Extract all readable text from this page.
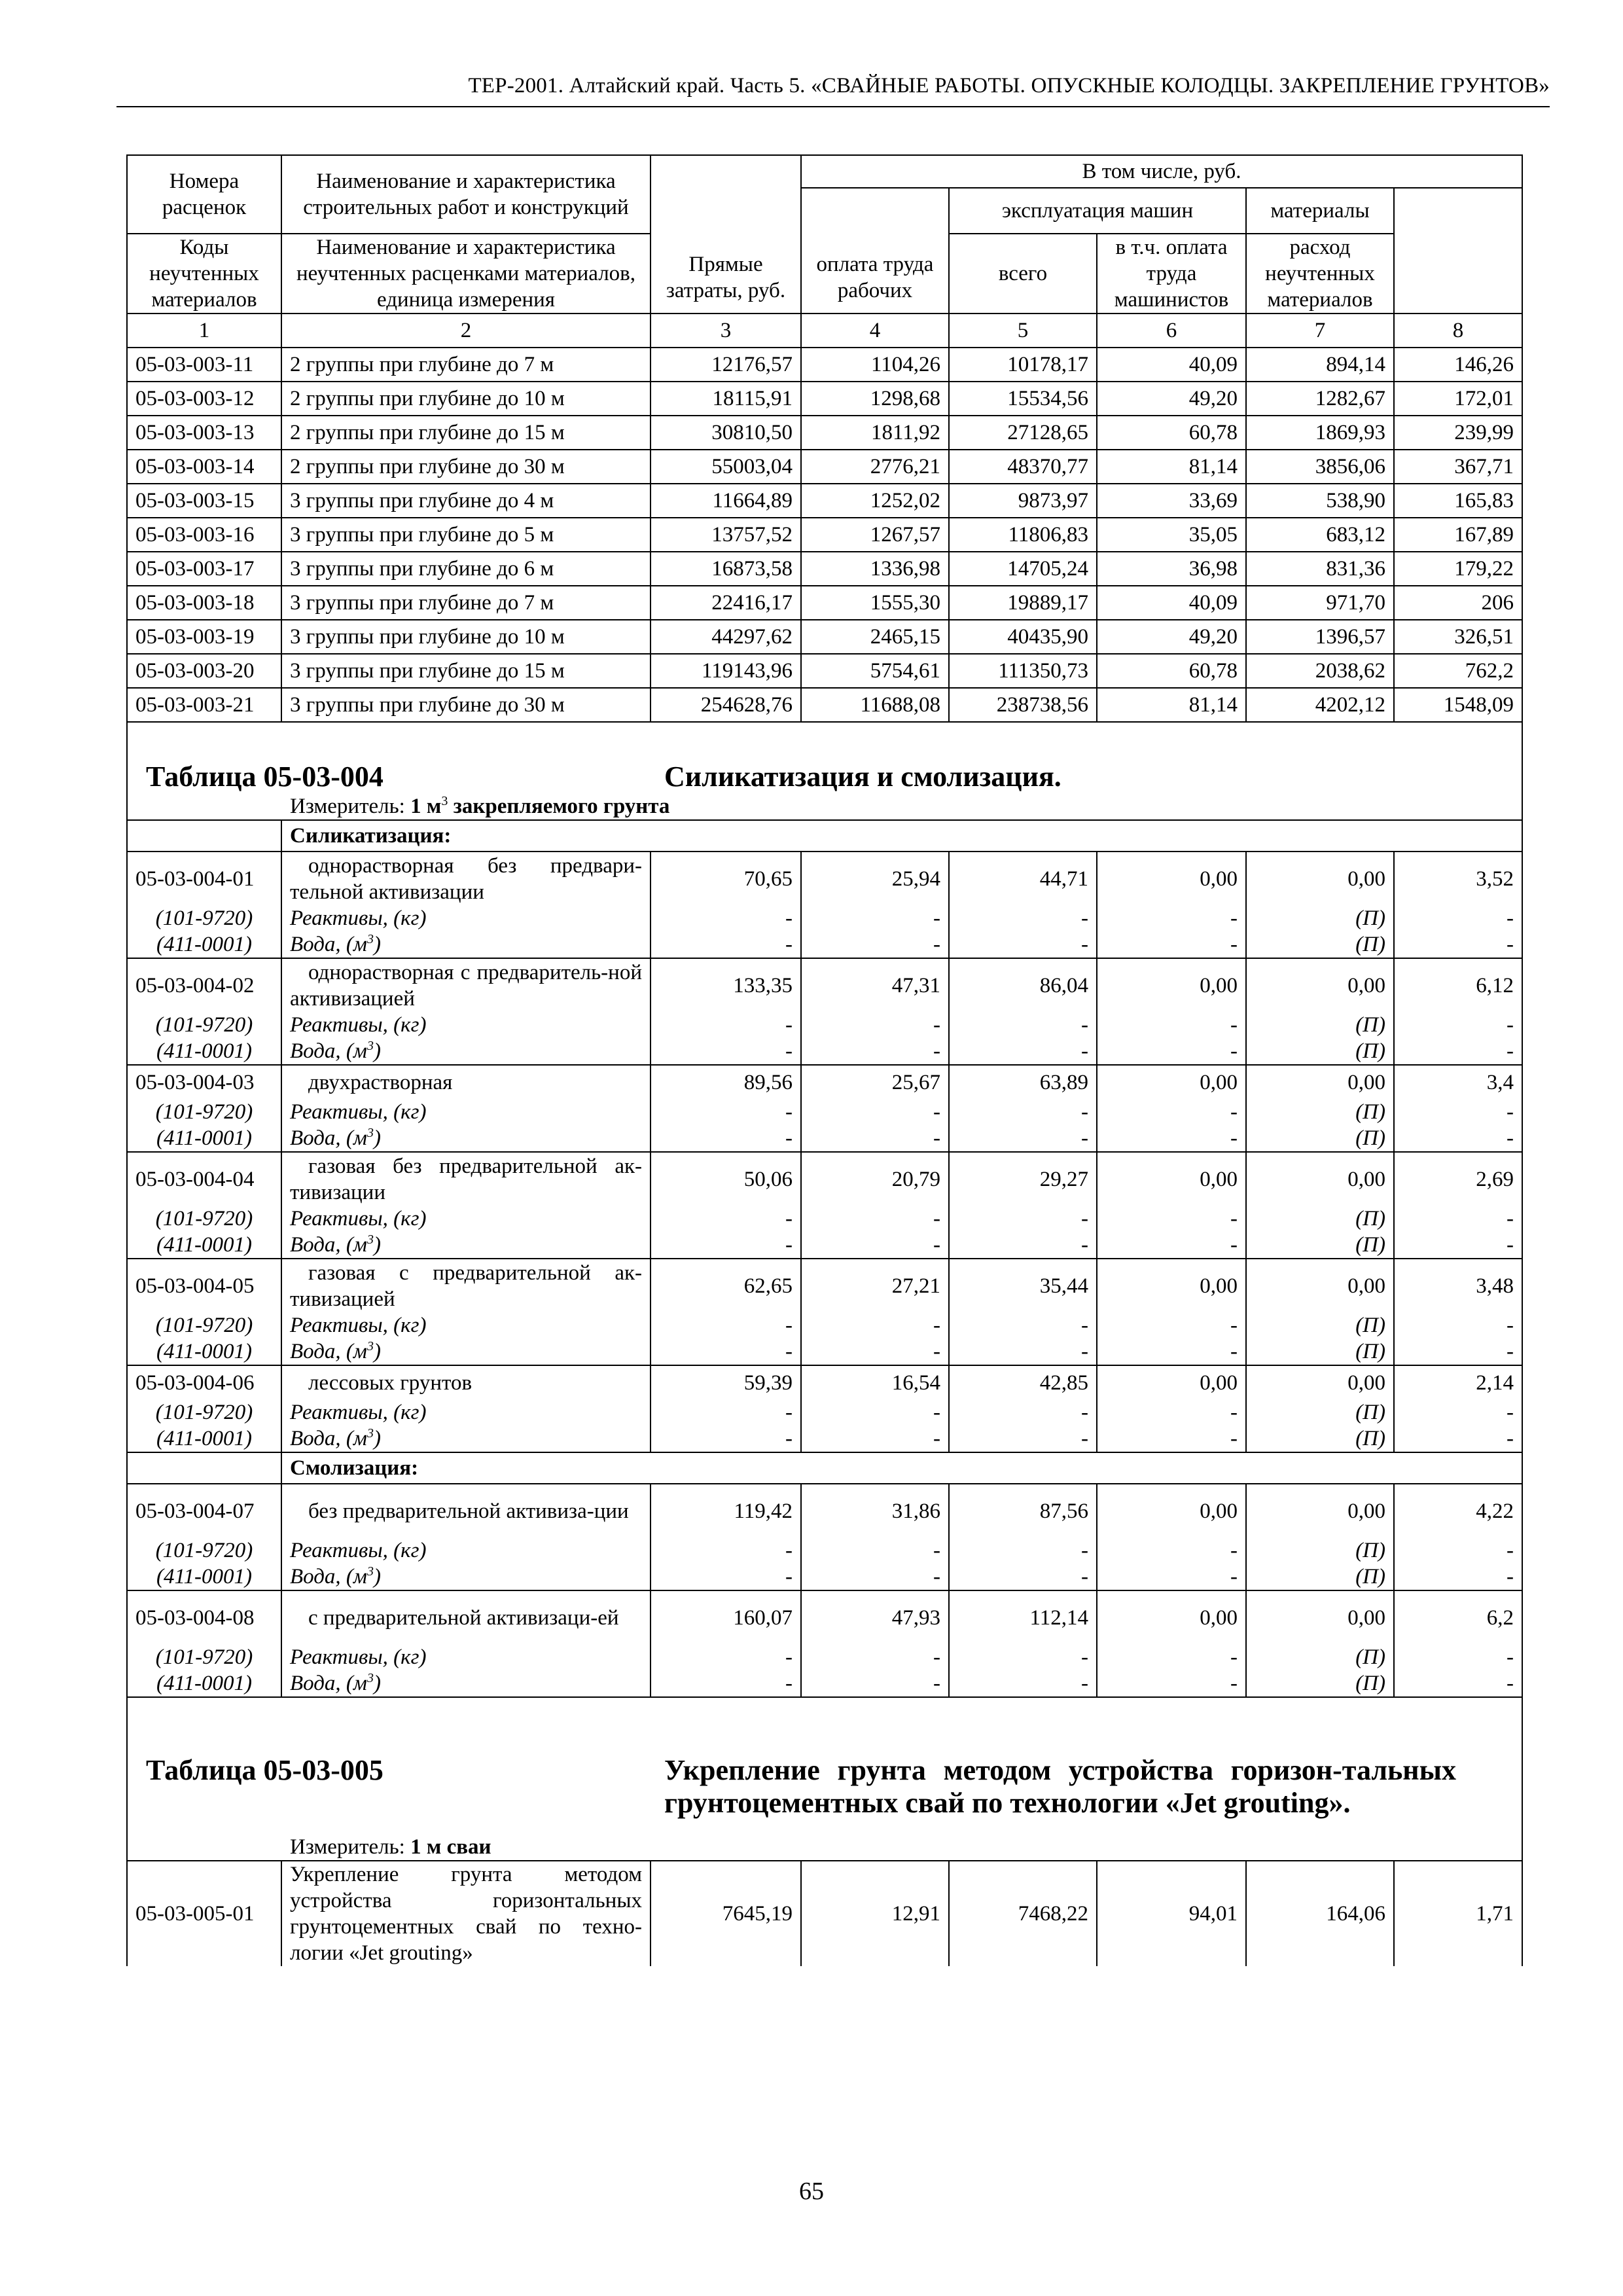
ТЕР-2001. Алтайский край. Часть 5. «СВАЙНЫЕ РАБОТЫ. ОПУСКНЫЕ КОЛОДЦЫ. ЗАКРЕПЛЕНИЕ ГРУНТОВ»
Номера расценок	Наименование и характеристика строительных работ и конструкций	Прямые затраты, руб.	В том числе, руб.	
			оплата труда рабочих	эксплуатация машин		материалы		
Коды неучтенных материалов	Наименование и характеристика неучтенных расценками материалов, единица измерения			всего	в т.ч. оплата труда машинистов	расход неучтенных материалов		
1	2	3	4	5	6	7	8	
05-03-003-11	2 группы при глубине до 7 м	12176,57	1104,26	10178,17	40,09	894,14	146,26	
05-03-003-12	2 группы при глубине до 10 м	18115,91	1298,68	15534,56	49,20	1282,67	172,01	
05-03-003-13	2 группы при глубине до 15 м	30810,50	1811,92	27128,65	60,78	1869,93	239,99	
05-03-003-14	2 группы при глубине до 30 м	55003,04	2776,21	48370,77	81,14	3856,06	367,71	
05-03-003-15	3 группы при глубине до 4 м	11664,89	1252,02	9873,97	33,69	538,90	165,83	
05-03-003-16	3 группы при глубине до 5 м	13757,52	1267,57	11806,83	35,05	683,12	167,89	
05-03-003-17	3 группы при глубине до 6 м	16873,58	1336,98	14705,24	36,98	831,36	179,22	
05-03-003-18	3 группы при глубине до 7 м	22416,17	1555,30	19889,17	40,09	971,70	206	
05-03-003-19	3 группы при глубине до 10 м	44297,62	2465,15	40435,90	49,20	1396,57	326,51	
05-03-003-20	3 группы при глубине до 15 м	119143,96	5754,61	111350,73	60,78	2038,62	762,2	
05-03-003-21	3 группы при глубине до 30 м	254628,76	11688,08	238738,56	81,14	4202,12	1548,09	

Таблица 05-03-004 Силикатизация и смолизация.
Измеритель: 1 $м^3$ закрепляемого грунта								

	Силикатизация:							
05-03-004-01	однорастворная без предвари-тельной активизации	70,65	25,94	44,71	0,00	0,00	3,52	
(101-9720)	Реактивы, (кг)	-	-	-	-	(П)	-	
(411-0001)	Вода, $(м^3)$	-	-	-	-	(П)	-	
05-03-004-02	однорастворная с предваритель-ной активизацией	133,35	47,31	86,04	0,00	0,00	6,12	
(101-9720)	Реактивы, (кг)	-	-	-	-	(П)	-	
(411-0001)	Вода, $(м^3)$	-	-	-	-	(П)	-	
05-03-004-03	двухрастворная	89,56	25,67	63,89	0,00	0,00	3,4	
(101-9720)	Реактивы, (кг)	-	-	-	-	(П)	-	
(411-0001)	Вода, $(м^3)$	-	-	-	-	(П)	-	
05-03-004-04	газовая без предварительной ак-тивизации	50,06	20,79	29,27	0,00	0,00	2,69	
(101-9720)	Реактивы, (кг)	-	-	-	-	(П)	-	
(411-0001)	Вода, $(м^3)$	-	-	-	-	(П)	-	
05-03-004-05	газовая с предварительной ак-тивизацией	62,65	27,21	35,44	0,00	0,00	3,48	
(101-9720)	Реактивы, (кг)	-	-	-	-	(П)	-	
(411-0001)	Вода, $(м^3)$	-	-	-	-	(П)	-	
05-03-004-06	лессовых грунтов	59,39	16,54	42,85	0,00	0,00	2,14	
(101-9720)	Реактивы, (кг)	-	-	-	-	(П)	-	
(411-0001)	Вода, $(м^3)$	-	-	-	-	(П)	-	
	Смолизация:							
05-03-004-07	без предварительной активиза-ции	119,42	31,86	87,56	0,00	0,00	4,22	
(101-9720)	Реактивы, (кг)	-	-	-	-	(П)	-	
(411-0001)	Вода, $(м^3)$	-	-	-	-	(П)	-	
05-03-004-08	с предварительной активизаци-ей	160,07	47,93	112,14	0,00	0,00	6,2	
(101-9720)	Реактивы, (кг)	-	-	-	-	(П)	-	
(411-0001)	Вода, $(м^3)$	-	-	-	-	(П)	-	

Таблица 05-03-005 Укрепление грунта методом устройства горизон-тальных грунтоцементных свай по технологии «Jet grouting».
Измеритель: 1 м сваи								

05-03-005-01	Укрепление грунта методом устройства горизонтальных грунтоцементных свай по техно-логии «Jet grouting»	7645,19	12,91	7468,22	94,01	164,06	1,71	
65
